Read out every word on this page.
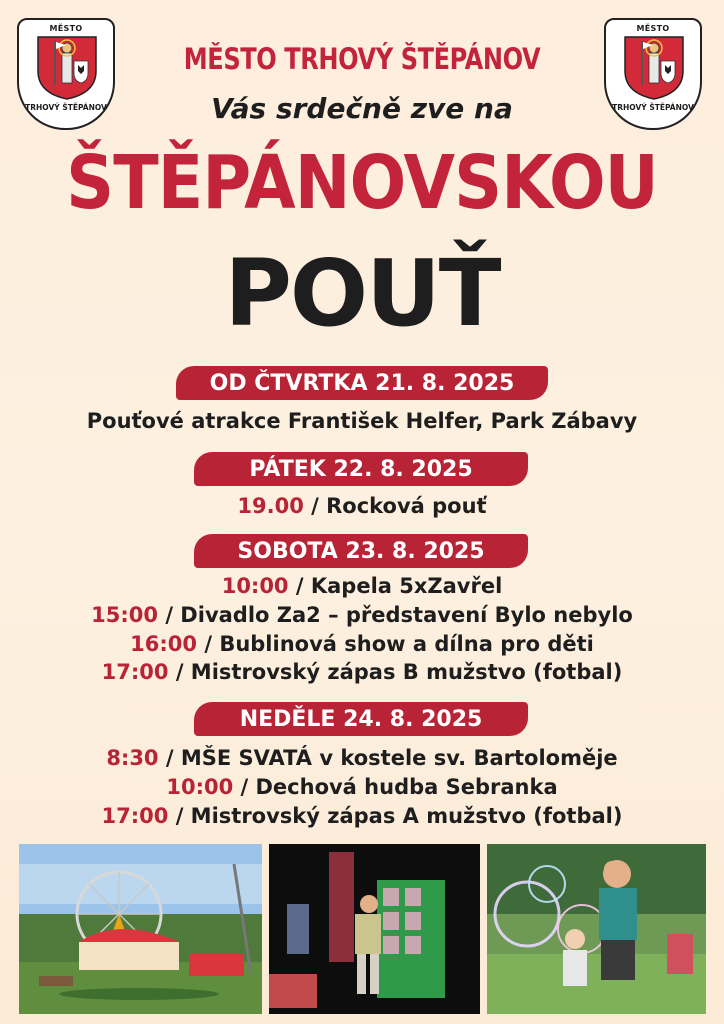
MĚSTO
TRHOVÝ ŠTĚPÁNOV
MĚSTO
TRHOVÝ ŠTĚPÁNOV
MĚSTO TRHOVÝ ŠTĚPÁNOV
Vás srdečně zve na
ŠTĚPÁNOVSKOU
POUŤ
OD ČTVRTKA 21. 8. 2025
Pouťové atrakce František Helfer, Park Zábavy
PÁTEK 22. 8. 2025
19.00 / Rocková pouť
SOBOTA 23. 8. 2025
10:00 / Kapela 5xZavřel
15:00 / Divadlo Za2 – představení Bylo nebylo
16:00 / Bublinová show a dílna pro děti
17:00 / Mistrovský zápas B mužstvo (fotbal)
NEDĚLE 24. 8. 2025
8:30 / MŠE SVATÁ v kostele sv. Bartoloměje
10:00 / Dechová hudba Sebranka
17:00 / Mistrovský zápas A mužstvo (fotbal)
